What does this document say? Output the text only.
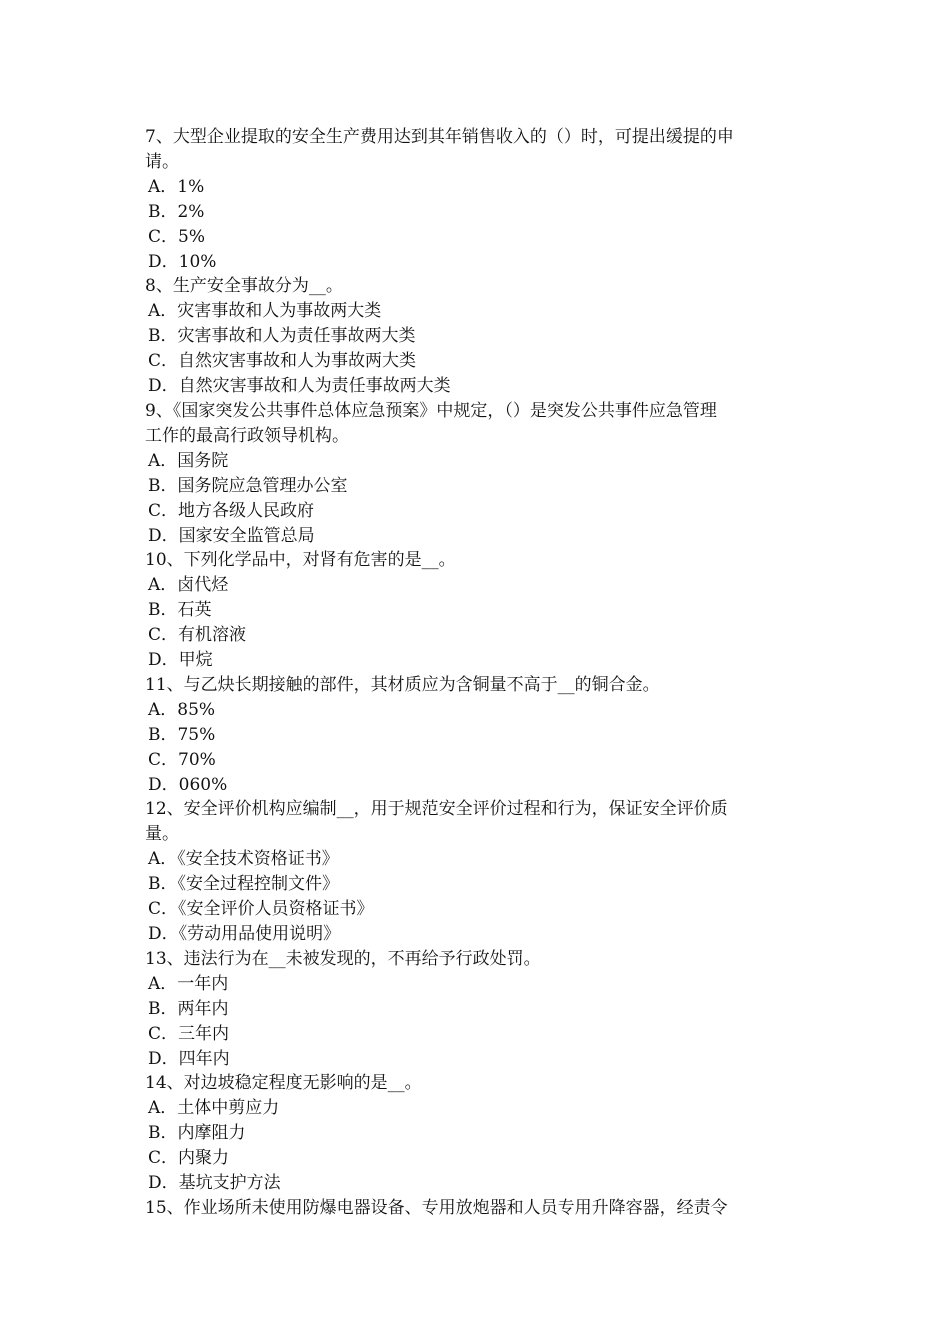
7、大型企业提取的安全生产费用达到其年销售收入的（）时，可提出缓提的申
请。
A．1%
B．2%
C．5%
D．10%
8、生产安全事故分为__。
A．灾害事故和人为事故两大类
B．灾害事故和人为责任事故两大类
C．自然灾害事故和人为事故两大类
D．自然灾害事故和人为责任事故两大类
9、《国家突发公共事件总体应急预案》中规定，（）是突发公共事件应急管理
工作的最高行政领导机构。
A．国务院
B．国务院应急管理办公室
C．地方各级人民政府
D．国家安全监管总局
10、下列化学品中，对肾有危害的是__。
A．卤代烃
B．石英
C．有机溶液
D．甲烷
11、与乙炔长期接触的部件，其材质应为含铜量不高于__的铜合金。
A．85%
B．75%
C．70%
D．060%
12、安全评价机构应编制__，用于规范安全评价过程和行为，保证安全评价质
量。
A．《安全技术资格证书》
B．《安全过程控制文件》
C．《安全评价人员资格证书》
D．《劳动用品使用说明》
13、违法行为在__未被发现的，不再给予行政处罚。
A．一年内
B．两年内
C．三年内
D．四年内
14、对边坡稳定程度无影响的是__。
A．土体中剪应力
B．内摩阻力
C．内聚力
D．基坑支护方法
15、作业场所未使用防爆电器设备、专用放炮器和人员专用升降容器，经责令
